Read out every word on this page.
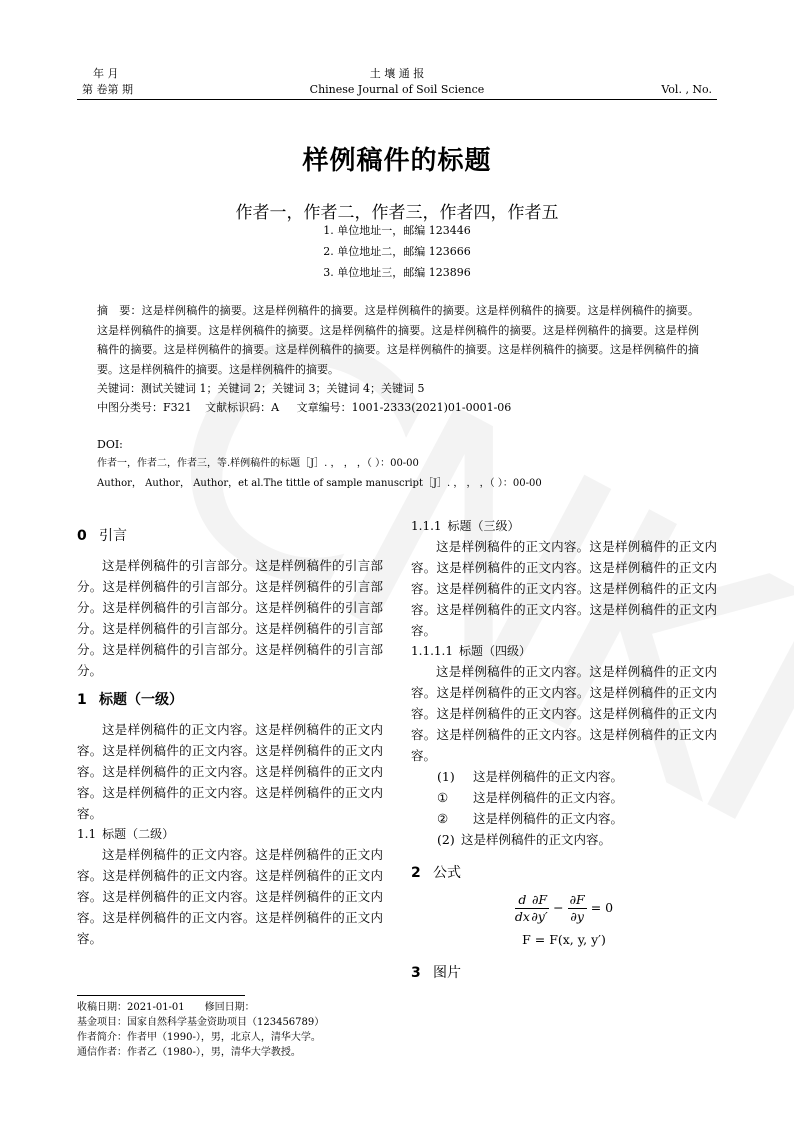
年 月
第 卷第 期
土 壤 通 报
Chinese Journal of Soil Science	Vol. , No.
样例稿件的标题
作者一，作者二，作者三，作者四，作者五
1. 单位地址一，邮编 123446
2. 单位地址二，邮编 123666
3. 单位地址三，邮编 123896
摘　要：这是样例稿件的摘要。这是样例稿件的摘要。这是样例稿件的摘要。这是样例稿件的摘要。这是样例稿件的摘要。这是样例稿件的摘要。这是样例稿件的摘要。这是样例稿件的摘要。这是样例稿件的摘要。这是样例稿件的摘要。这是样例稿件的摘要。这是样例稿件的摘要。这是样例稿件的摘要。这是样例稿件的摘要。这是样例稿件的摘要。这是样例稿件的摘要。这是样例稿件的摘要。这是样例稿件的摘要。
关键词：测试关键词 1；关键词 2；关键词 3；关键词 4；关键词 5
中图分类号：F321 文献标识码：A 文章编号：1001-2333(2021)01-0001-06
DOI:
作者一，作者二，作者三，等.样例稿件的标题［J］. ， ， ，（ ）：00-00
Author， Author， Author，et al.The tittle of sample manuscript［J］. ， ， ，（ ）：00-00
0 引言

这是样例稿件的引言部分。这是样例稿件的引言部分。这是样例稿件的引言部分。这是样例稿件的引言部分。这是样例稿件的引言部分。这是样例稿件的引言部分。这是样例稿件的引言部分。这是样例稿件的引言部分。这是样例稿件的引言部分。这是样例稿件的引言部分。

1 标题（一级）

这是样例稿件的正文内容。这是样例稿件的正文内容。这是样例稿件的正文内容。这是样例稿件的正文内容。这是样例稿件的正文内容。这是样例稿件的正文内容。这是样例稿件的正文内容。这是样例稿件的正文内容。

1.1 标题（二级）

这是样例稿件的正文内容。这是样例稿件的正文内容。这是样例稿件的正文内容。这是样例稿件的正文内容。这是样例稿件的正文内容。这是样例稿件的正文内容。这是样例稿件的正文内容。这是样例稿件的正文内容。

1.1.1 标题（三级）

这是样例稿件的正文内容。这是样例稿件的正文内容。这是样例稿件的正文内容。这是样例稿件的正文内容。这是样例稿件的正文内容。这是样例稿件的正文内容。这是样例稿件的正文内容。这是样例稿件的正文内容。

1.1.1.1 标题（四级）

这是样例稿件的正文内容。这是样例稿件的正文内容。这是样例稿件的正文内容。这是样例稿件的正文内容。这是样例稿件的正文内容。这是样例稿件的正文内容。这是样例稿件的正文内容。这是样例稿件的正文内容。

(1) 这是样例稿件的正文内容。
① 这是样例稿件的正文内容。
② 这是样例稿件的正文内容。
(2) 这是样例稿件的正文内容。
2 公式
$\frac{d}{dx} \frac{\partial F}{\partial y'} - \frac{\partial F}{\partial y} = 0$
F = F(x, y, y′)
3 图片
收稿日期：2021-01-01　　修回日期：
基金项目：国家自然科学基金资助项目（123456789）
作者简介：作者甲（1990-），男，北京人，清华大学。
通信作者：作者乙（1980-），男，清华大学教授。
